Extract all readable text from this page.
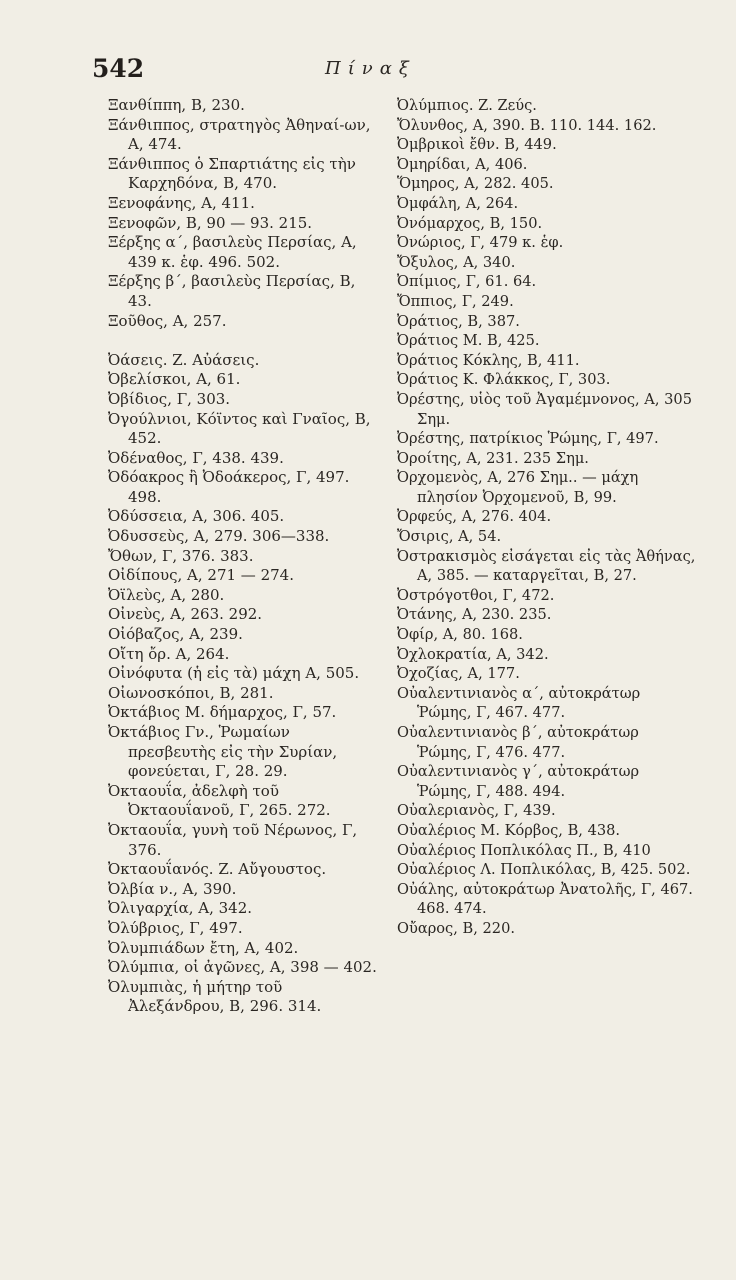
542	Πίναξ
Ξανθίππη, Β, 230.
Ξάνθιππος, στρατηγὸς Ἀθηναί-ων, Α, 474.
Ξάνθιππος ὁ Σπαρτιάτης εἰς τὴν Καρχηδόνα, Β, 470.
Ξενοφάνης, Α, 411.
Ξενοφῶν, Β, 90 — 93. 215.
Ξέρξης α΄, βασιλεὺς Περσίας, Α, 439 κ. ἑφ. 496. 502.
Ξέρξης β΄, βασιλεὺς Περσίας, Β, 43.
Ξοῦθος, Α, 257.
Ὀάσεις. Ζ. Αὐάσεις.
Ὀβελίσκοι, Α, 61.
Ὀβίδιος, Γ, 303.
Ὀγούλνιοι, Κόϊντος καὶ Γναῖος, Β, 452.
Ὀδέναθος, Γ, 438. 439.
Ὀδόακρος ἢ Ὀδοάκερος, Γ, 497. 498.
Ὀδύσσεια, Α, 306. 405.
Ὀδυσσεὺς, Α, 279. 306—338.
Ὄθων, Γ, 376. 383.
Οἰδίπους, Α, 271 — 274.
Ὀϊλεὺς, Α, 280.
Οἰνεὺς, Α, 263. 292.
Οἰόβαζος, Α, 239.
Οἴτη ὄρ. Α, 264.
Οἰνόφυτα (ἡ εἰς τὰ) μάχη Α, 505.
Οἰωνοσκόποι, Β, 281.
Ὀκτάβιος Μ. δήμαρχος, Γ, 57.
Ὀκτάβιος Γν., Ῥωμαίων πρεσβευτὴς εἰς τὴν Συρίαν, φονεύεται, Γ, 28. 29.
Ὀκταουΐα, ἀδελφὴ τοῦ Ὀκταουΐανοῦ, Γ, 265. 272.
Ὀκταουΐα, γυνὴ τοῦ Νέρωνος, Γ, 376.
Ὀκταουΐανός. Ζ. Αὔγουστος.
Ὀλβία ν., Α, 390.
Ὀλιγαρχία, Α, 342.
Ὀλύβριος, Γ, 497.
Ὀλυμπιάδων ἔτη, Α, 402.
Ὀλύμπια, οἱ ἀγῶνες, Α, 398 — 402.
Ὀλυμπιὰς, ἡ μήτηρ τοῦ Ἀλεξάνδρου, Β, 296. 314.
Ὀλύμπιος. Ζ. Ζεύς.
Ὄλυνθος, Α, 390. Β. 110. 144. 162.
Ὀμβρικοὶ ἔθν. Β, 449.
Ὀμηρίδαι, Α, 406.
Ὅμηρος, Α, 282. 405.
Ὀμφάλη, Α, 264.
Ὀνόμαρχος, Β, 150.
Ὀνώριος, Γ, 479 κ. ἑφ.
Ὄξυλος, Α, 340.
Ὀπίμιος, Γ, 61. 64.
Ὄππιος, Γ, 249.
Ὀράτιος, Β, 387.
Ὀράτιος Μ. Β, 425.
Ὀράτιος Κόκλης, Β, 411.
Ὀράτιος Κ. Φλάκκος, Γ, 303.
Ὀρέστης, υἱὸς τοῦ Ἀγαμέμνονος, Α, 305 Σημ.
Ὀρέστης, πατρίκιος Ῥώμης, Γ, 497.
Ὀροίτης, Α, 231. 235 Σημ.
Ὀρχομενὸς, Α, 276 Σημ.. — μάχη πλησίον Ὀρχομενοῦ, Β, 99.
Ὀρφεύς, Α, 276. 404.
Ὄσιρις, Α, 54.
Ὀστρακισμὸς εἰσάγεται εἰς τὰς Ἀθήνας, Α, 385. — καταργεῖται, Β, 27.
Ὀστρόγοτθοι, Γ, 472.
Ὀτάνης, Α, 230. 235.
Ὀφίρ, Α, 80. 168.
Ὀχλοκρατία, Α, 342.
Ὀχοζίας, Α, 177.
Οὐαλεντινιανὸς α΄, αὐτοκράτωρ Ῥώμης, Γ, 467. 477.
Οὐαλεντινιανὸς β΄, αὐτοκράτωρ Ῥώμης, Γ, 476. 477.
Οὐαλεντινιανὸς γ΄, αὐτοκράτωρ Ῥώμης, Γ, 488. 494.
Οὐαλεριανὸς, Γ, 439.
Οὐαλέριος Μ. Κόρβος, Β, 438.
Οὐαλέριος Ποπλικόλας Π., Β, 410
Οὐαλέριος Λ. Ποπλικόλας, Β, 425. 502.
Οὐάλης, αὐτοκράτωρ Ἀνατολῆς, Γ, 467. 468. 474.
Οὔαρος, Β, 220.
